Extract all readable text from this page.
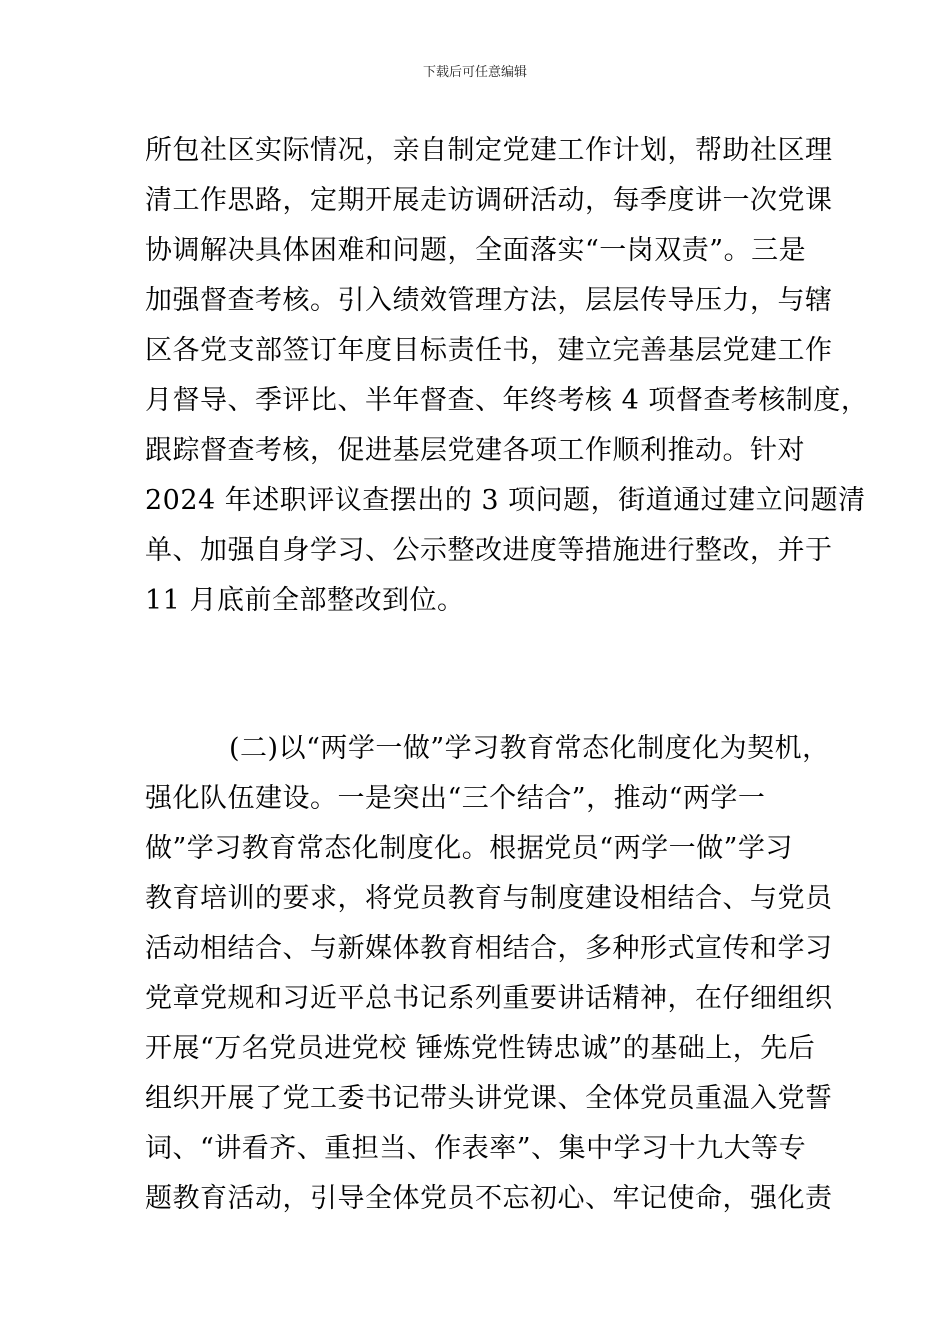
下载后可任意编辑
所包社区实际情况，亲自制定党建工作计划，帮助社区理
清工作思路，定期开展走访调研活动，每季度讲一次党课
协调解决具体困难和问题，全面落实“一岗双责”。三是
加强督查考核。引入绩效管理方法，层层传导压力，与辖
区各党支部签订年度目标责任书，建立完善基层党建工作
月督导、季评比、半年督查、年终考核 4 项督查考核制度，
跟踪督查考核，促进基层党建各项工作顺利推动。针对
2024 年述职评议查摆出的 3 项问题，街道通过建立问题清
单、加强自身学习、公示整改进度等措施进行整改，并于
11 月底前全部整改到位。
(二)以“两学一做”学习教育常态化制度化为契机，
强化队伍建设。一是突出“三个结合”，推动“两学一
做”学习教育常态化制度化。根据党员“两学一做”学习
教育培训的要求，将党员教育与制度建设相结合、与党员
活动相结合、与新媒体教育相结合，多种形式宣传和学习
党章党规和习近平总书记系列重要讲话精神，在仔细组织
开展“万名党员进党校 锤炼党性铸忠诚”的基础上，先后
组织开展了党工委书记带头讲党课、全体党员重温入党誓
词、“讲看齐、重担当、作表率”、集中学习十九大等专
题教育活动，引导全体党员不忘初心、牢记使命，强化责
